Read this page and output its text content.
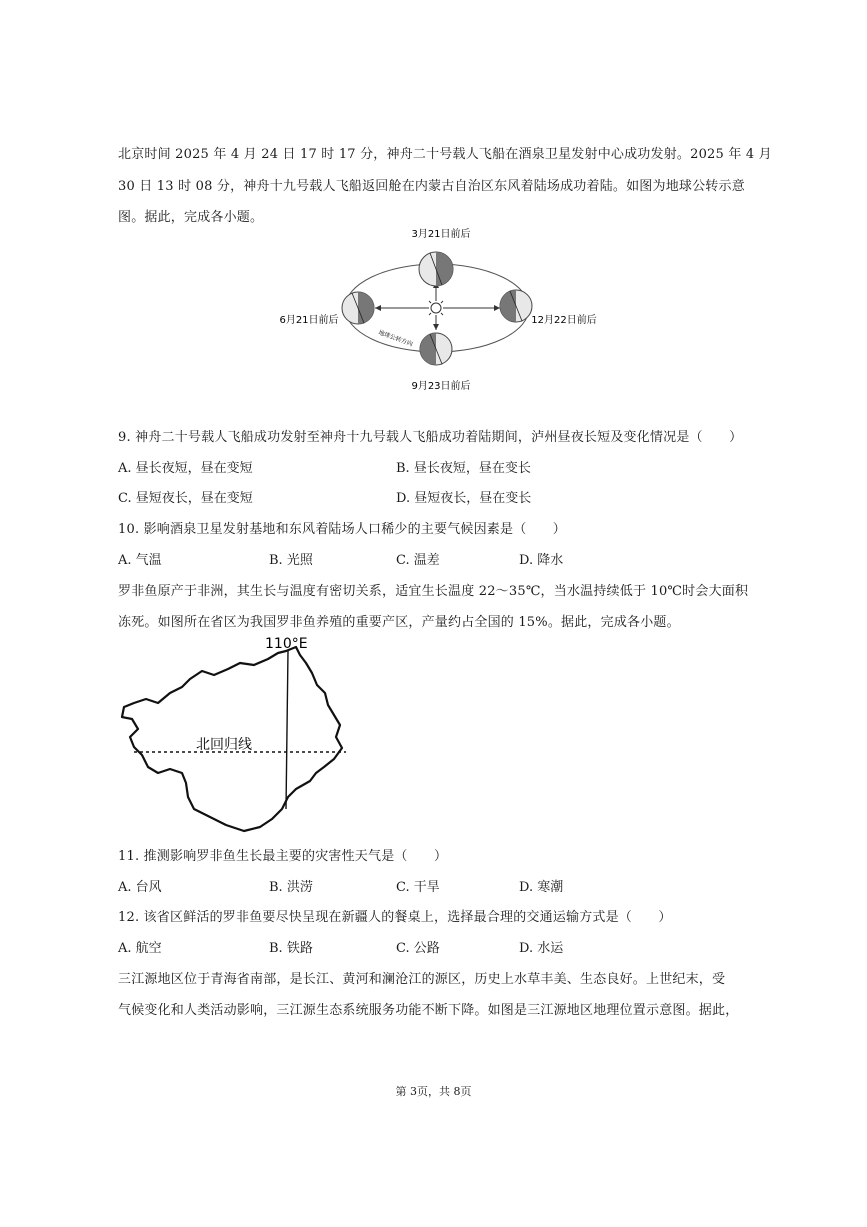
北京时间 2025 年 4 月 24 日 17 时 17 分，神舟二十号载人飞船在酒泉卫星发射中心成功发射。2025 年 4 月
30 日 13 时 08 分，神舟十九号载人飞船返回舱在内蒙古自治区东风着陆场成功着陆。如图为地球公转示意
图。据此，完成各小题。
3月21日前后
6月21日前后	12月22日前后
地球公转方向
9月23日前后
9. 神舟二十号载人飞船成功发射至神舟十九号载人飞船成功着陆期间，泸州昼夜长短及变化情况是（　　）
A. 昼长夜短，昼在变短	B. 昼长夜短，昼在变长
C. 昼短夜长，昼在变短	D. 昼短夜长，昼在变长
10. 影响酒泉卫星发射基地和东风着陆场人口稀少的主要气候因素是（　　）
A. 气温	B. 光照	C. 温差	D. 降水
罗非鱼原产于非洲，其生长与温度有密切关系，适宜生长温度 22～35℃，当水温持续低于 10℃时会大面积
冻死。如图所在省区为我国罗非鱼养殖的重要产区，产量约占全国的 15%。据此，完成各小题。
110°E
北回归线
11. 推测影响罗非鱼生长最主要的灾害性天气是（　　）
A. 台风	B. 洪涝	C. 干旱	D. 寒潮
12. 该省区鲜活的罗非鱼要尽快呈现在新疆人的餐桌上，选择最合理的交通运输方式是（　　）
A. 航空	B. 铁路	C. 公路	D. 水运
三江源地区位于青海省南部，是长江、黄河和澜沧江的源区，历史上水草丰美、生态良好。上世纪末，受
气候变化和人类活动影响，三江源生态系统服务功能不断下降。如图是三江源地区地理位置示意图。据此，
第 3页，共 8页
